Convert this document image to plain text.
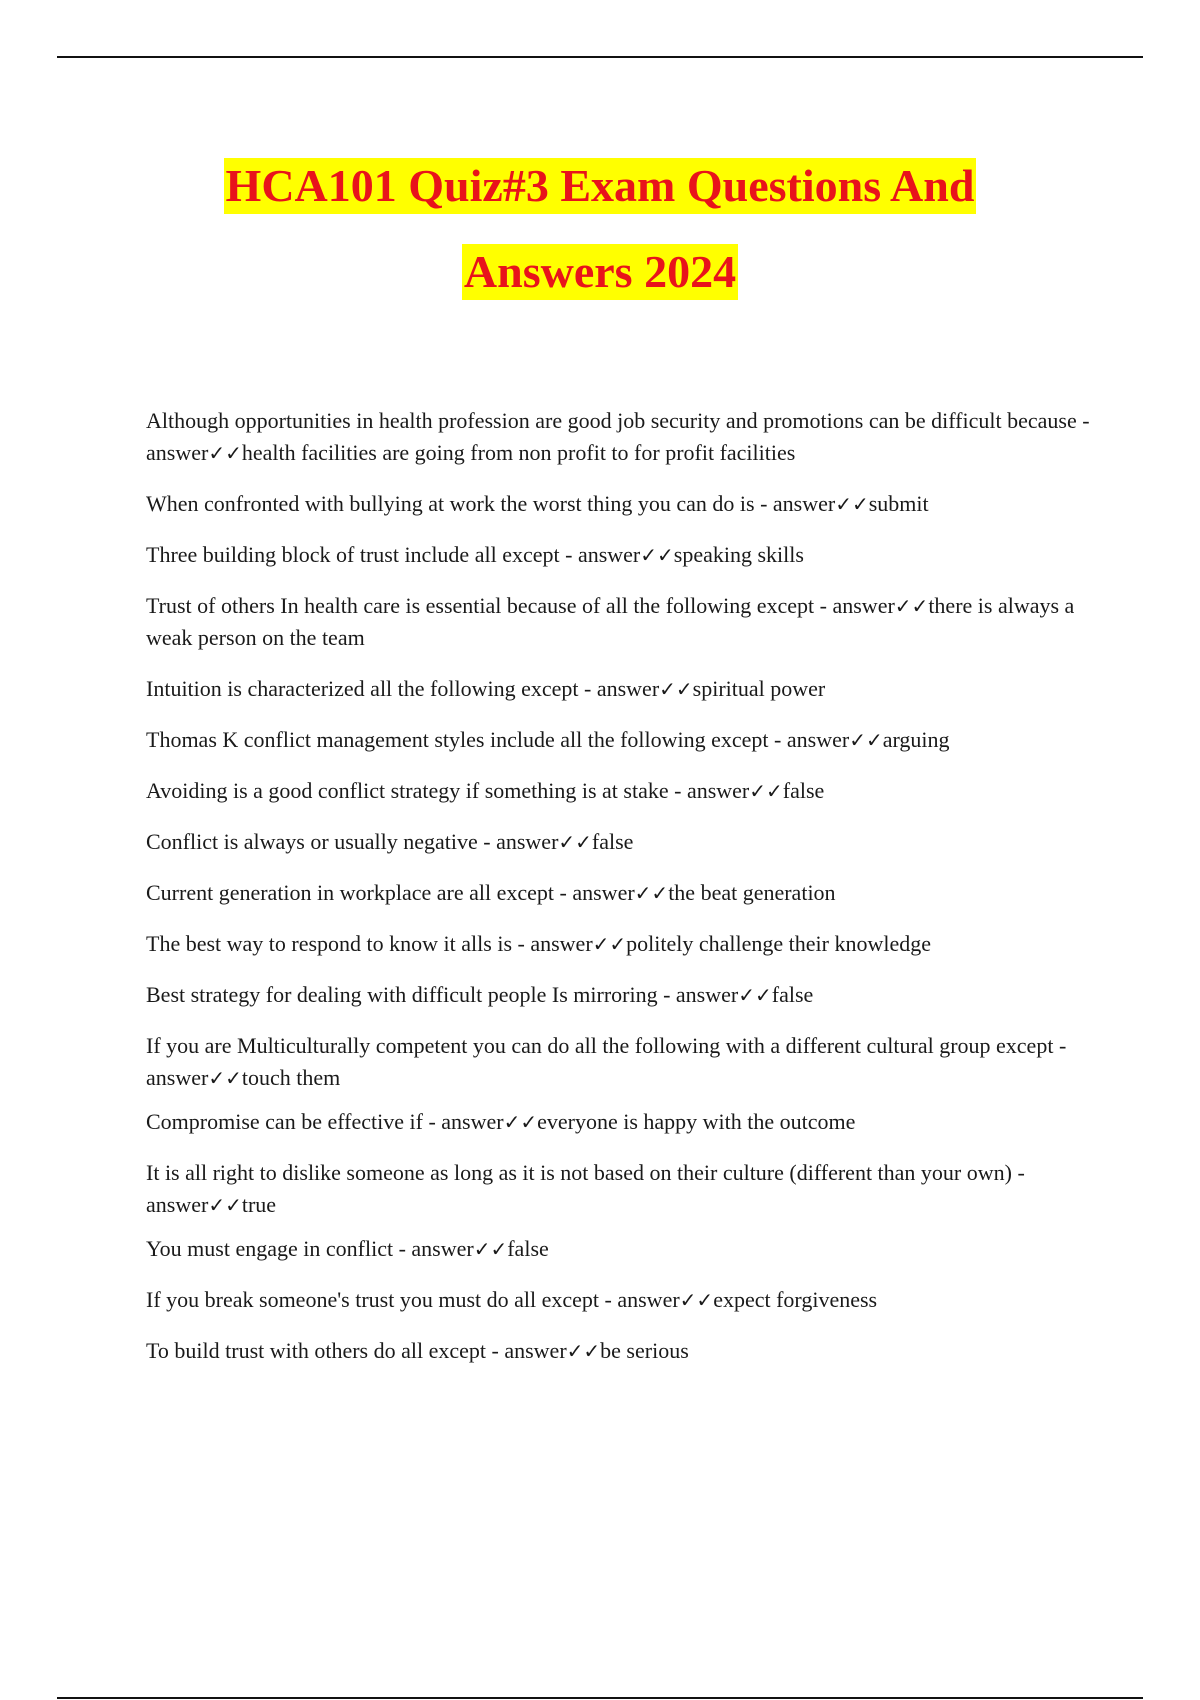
HCA101 Quiz#3 Exam Questions And
Answers 2024
Although opportunities in health profession are good job security and promotions can be difficult because - answer✓✓health facilities are going from non profit to for profit facilities
When confronted with bullying at work the worst thing you can do is - answer✓✓submit
Three building block of trust include all except - answer✓✓speaking skills
Trust of others In health care is essential because of all the following except - answer✓✓there is always a weak person on the team
Intuition is characterized all the following except - answer✓✓spiritual power
Thomas K conflict management styles include all the following except - answer✓✓arguing
Avoiding is a good conflict strategy if something is at stake - answer✓✓false
Conflict is always or usually negative - answer✓✓false
Current generation in workplace are all except - answer✓✓the beat generation
The best way to respond to know it alls is - answer✓✓politely challenge their knowledge
Best strategy for dealing with difficult people Is mirroring - answer✓✓false
If you are Multiculturally competent you can do all the following with a different cultural group except - answer✓✓touch them
Compromise can be effective if - answer✓✓everyone is happy with the outcome
It is all right to dislike someone as long as it is not based on their culture (different than your own) - answer✓✓true
You must engage in conflict - answer✓✓false
If you break someone's trust you must do all except - answer✓✓expect forgiveness
To build trust with others do all except - answer✓✓be serious
